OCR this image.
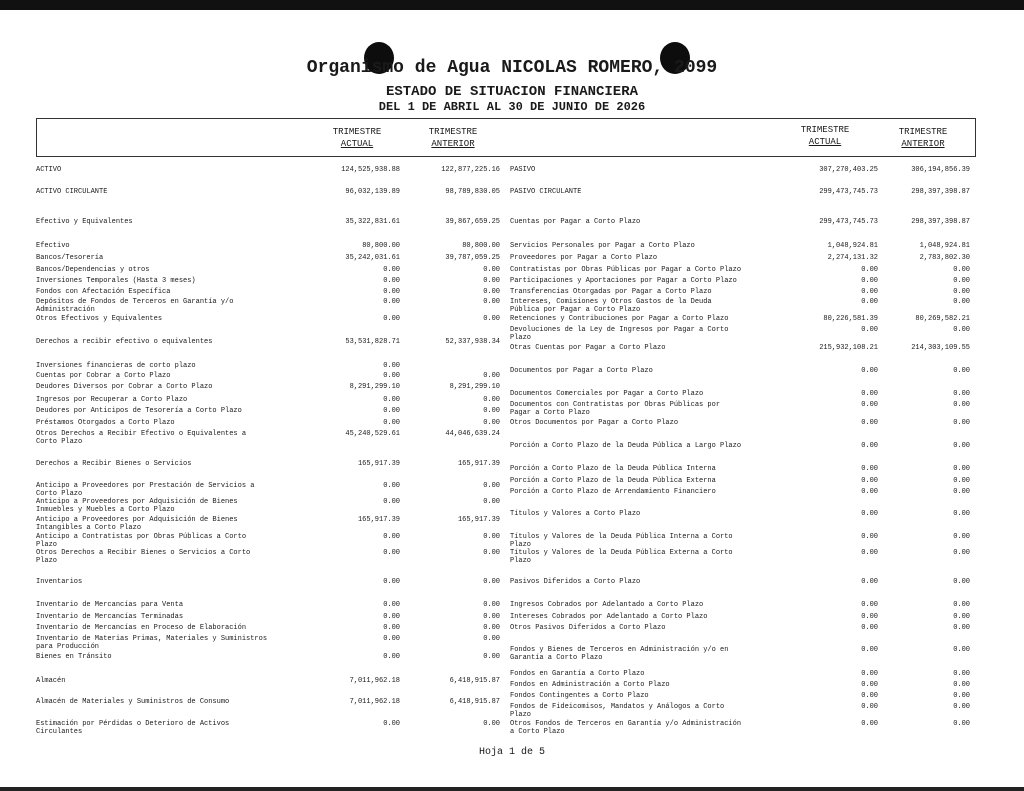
Organismo de Agua NICOLAS ROMERO, 2099
ESTADO DE SITUACION FINANCIERA
DEL 1 DE ABRIL AL 30 DE JUNIO DE 2026
TRIMESTRE
ACTUAL
TRIMESTRE
ANTERIOR
TRIMESTRE
ACTUAL
TRIMESTRE
ANTERIOR
ACTIVO	124,525,938.88	122,877,225.16
ACTIVO CIRCULANTE	96,032,139.89	98,789,830.05
Efectivo y Equivalentes	35,322,831.61	39,867,659.25
Efectivo	80,800.00	80,800.00
Bancos/Tesorería	35,242,031.61	39,787,059.25
Bancos/Dependencias y otros	0.00	0.00
Inversiones Temporales (Hasta 3 meses)	0.00	0.00
Fondos con Afectación Específica	0.00	0.00
Depósitos de Fondos de Terceros en Garantía y/o
Administración
0.00	0.00
Otros Efectivos y Equivalentes	0.00	0.00
Derechos a recibir efectivo o equivalentes	53,531,828.71	52,337,938.34
Inversiones financieras de corto plazo	0.00
Cuentas por Cobrar a Corto Plazo	0.00	0.00
Deudores Diversos por Cobrar a Corto Plazo	8,291,299.10	8,291,299.10
Ingresos por Recuperar a Corto Plazo	0.00	0.00
Deudores por Anticipos de Tesorería a Corto Plazo	0.00	0.00
Préstamos Otorgados a Corto Plazo	0.00	0.00
Otros Derechos a Recibir Efectivo o Equivalentes a
Corto Plazo
45,240,529.61	44,046,639.24
Derechos a Recibir Bienes o Servicios	165,917.39	165,917.39
Anticipo a Proveedores por Prestación de Servicios a
Corto Plazo
0.00	0.00
Anticipo a Proveedores por Adquisición de Bienes
Inmuebles y Muebles a Corto Plazo
0.00	0.00
Anticipo a Proveedores por Adquisición de Bienes
Intangibles a Corto Plazo
165,917.39	165,917.39
Anticipo a Contratistas por Obras Públicas a Corto
Plazo
0.00	0.00
Otros Derechos a Recibir Bienes o Servicios a Corto
Plazo
0.00	0.00
Inventarios	0.00	0.00
Inventario de Mercancías para Venta	0.00	0.00
Inventario de Mercancías Terminadas	0.00	0.00
Inventario de Mercancías en Proceso de Elaboración	0.00	0.00
Inventario de Materias Primas, Materiales y Suministros
para Producción
0.00	0.00
Bienes en Tránsito	0.00	0.00
Almacén	7,011,962.18	6,418,915.87
Almacén de Materiales y Suministros de Consumo	7,011,962.18	6,418,915.87
Estimación por Pérdidas o Deterioro de Activos
Circulantes
0.00	0.00
PASIVO	307,270,403.25	306,194,856.39
PASIVO CIRCULANTE	299,473,745.73	298,397,398.87
Cuentas por Pagar a Corto Plazo	299,473,745.73	298,397,398.87
Servicios Personales por Pagar a Corto Plazo	1,048,924.81	1,048,924.81
Proveedores por Pagar a Corto Plazo	2,274,131.32	2,783,802.30
Contratistas por Obras Públicas por Pagar a Corto Plazo	0.00	0.00
Participaciones y Aportaciones por Pagar a Corto Plazo	0.00	0.00
Transferencias Otorgadas por Pagar a Corto Plazo	0.00	0.00
Intereses, Comisiones y Otros Gastos de la Deuda
Pública por Pagar a Corto Plazo
0.00	0.00
Retenciones y Contribuciones por Pagar a Corto Plazo	80,226,581.39	80,269,582.21
Devoluciones de la Ley de Ingresos por Pagar a Corto
Plazo
0.00	0.00
Otras Cuentas por Pagar a Corto Plazo	215,932,108.21	214,303,109.55
Documentos por Pagar a Corto Plazo	0.00	0.00
Documentos Comerciales por Pagar a Corto Plazo	0.00	0.00
Documentos con Contratistas por Obras Públicas por
Pagar a Corto Plazo
0.00	0.00
Otros Documentos por Pagar a Corto Plazo	0.00	0.00
Porción a Corto Plazo de la Deuda Pública a Largo Plazo	0.00	0.00
Porción a Corto Plazo de la Deuda Pública Interna	0.00	0.00
Porción a Corto Plazo de la Deuda Pública Externa	0.00	0.00
Porción a Corto Plazo de Arrendamiento Financiero	0.00	0.00
Títulos y Valores a Corto Plazo	0.00	0.00
Títulos y Valores de la Deuda Pública Interna a Corto
Plazo
0.00	0.00
Títulos y Valores de la Deuda Pública Externa a Corto
Plazo
0.00	0.00
Pasivos Diferidos a Corto Plazo	0.00	0.00
Ingresos Cobrados por Adelantado a Corto Plazo	0.00	0.00
Intereses Cobrados por Adelantado a Corto Plazo	0.00	0.00
Otros Pasivos Diferidos a Corto Plazo	0.00	0.00
Fondos y Bienes de Terceros en Administración y/o en
Garantía a Corto Plazo
0.00	0.00
Fondos en Garantía a Corto Plazo	0.00	0.00
Fondos en Administración a Corto Plazo	0.00	0.00
Fondos Contingentes a Corto Plazo	0.00	0.00
Fondos de Fideicomisos, Mandatos y Análogos a Corto
Plazo
0.00	0.00
Otros Fondos de Terceros en Garantía y/o Administración
a Corto Plazo
0.00	0.00
Hoja 1 de 5
